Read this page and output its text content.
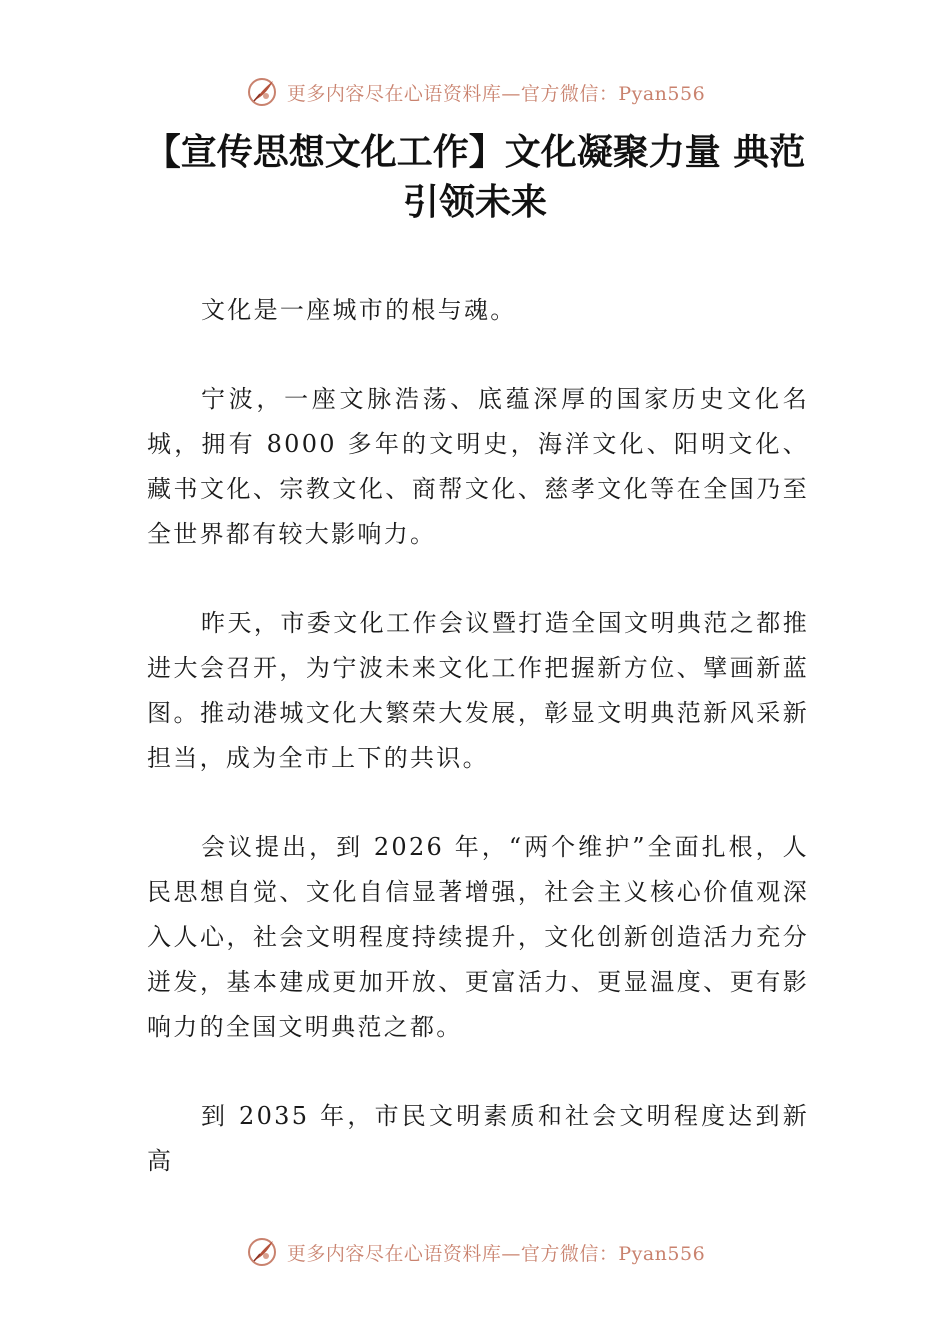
更多内容尽在心语资料库—官方微信：Pyan556
【宣传思想文化工作】文化凝聚力量 典范引领未来

文化是一座城市的根与魂。

宁波，一座文脉浩荡、底蕴深厚的国家历史文化名城，拥有 8000 多年的文明史，海洋文化、阳明文化、藏书文化、宗教文化、商帮文化、慈孝文化等在全国乃至全世界都有较大影响力。

昨天，市委文化工作会议暨打造全国文明典范之都推进大会召开，为宁波未来文化工作把握新方位、擘画新蓝图。推动港城文化大繁荣大发展，彰显文明典范新风采新担当，成为全市上下的共识。

会议提出，到 2026 年，“两个维护”全面扎根，人民思想自觉、文化自信显著增强，社会主义核心价值观深入人心，社会文明程度持续提升，文化创新创造活力充分迸发，基本建成更加开放、更富活力、更显温度、更有影响力的全国文明典范之都。

到 2035 年，市民文明素质和社会文明程度达到新高

更多内容尽在心语资料库—官方微信：Pyan556
